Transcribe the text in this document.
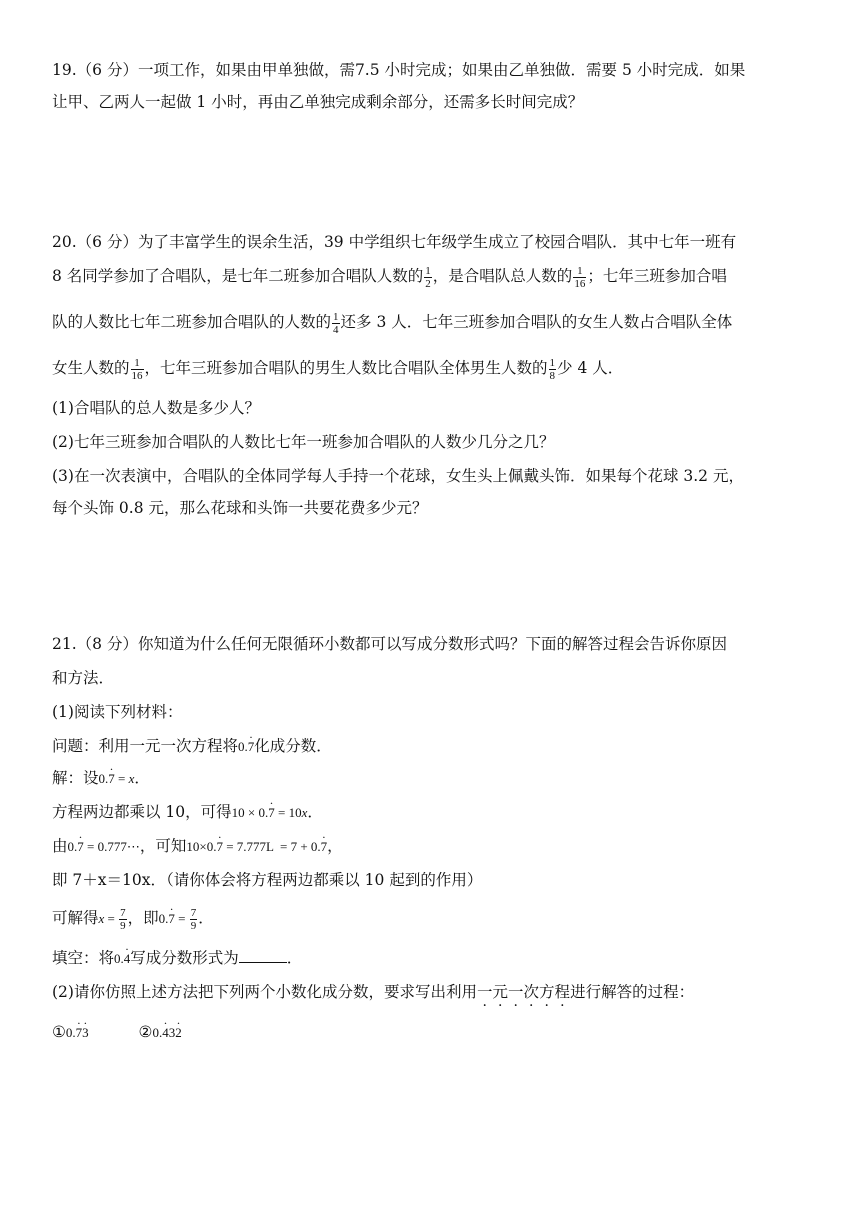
19.（6 分）一项工作，如果由甲单独做，需7.5 小时完成；如果由乙单独做．需要 5 小时完成．如果
让甲、乙两人一起做 1 小时，再由乙单独完成剩余部分，还需多长时间完成？
20.（6 分）为了丰富学生的误余生活，39 中学组织七年级学生成立了校园合唱队．其中七年一班有
8 名同学参加了合唱队，是七年二班参加合唱队人数的 $\frac{1}{2}$ ，是合唱队总人数的 $\frac{1}{16}$ ；七年三班参加合唱
队的人数比七年二班参加合唱队的人数的 $\frac{1}{4}$ 还多 3 人．七年三班参加合唱队的女生人数占合唱队全体
女生人数的 $\frac{1}{16}$ ，七年三班参加合唱队的男生人数比合唱队全体男生人数的 $\frac{1}{8}$ 少 4 人．
(1)合唱队的总人数是多少人？
(2)七年三班参加合唱队的人数比七年一班参加合唱队的人数少几分之几？
(3)在一次表演中，合唱队的全体同学每人手持一个花球，女生头上佩戴头饰．如果每个花球 3.2 元，
每个头饰 0.8 元，那么花球和头饰一共要花费多少元？
21.（8 分）你知道为什么任何无限循环小数都可以写成分数形式吗？下面的解答过程会告诉你原因
和方法．
(1)阅读下列材料：
问题：利用一元一次方程将0.· 7化成分数．
解：设0.· 7 = x．
方程两边都乘以 10，可得10 × 0.· 7 = 10x．
由0.· 7 = 0.777⋯，可知10×0.· 7 = 7.777L  = 7 + 0.· 7，
即 7＋x＝10x．（请你体会将方程两边都乘以 10 起到的作用）
可解得$x = \frac{7}{9}$ ，即$0.\cdot 7 = \frac{7}{9}$ ．
填空：将0.· 4写成分数形式为	．
(2)请你仿照上述方法把下列两个小数化成分数，要求写出利用一元一次方程进行解答的过程：
①0.· 7· 3	②0.· 43· 2
